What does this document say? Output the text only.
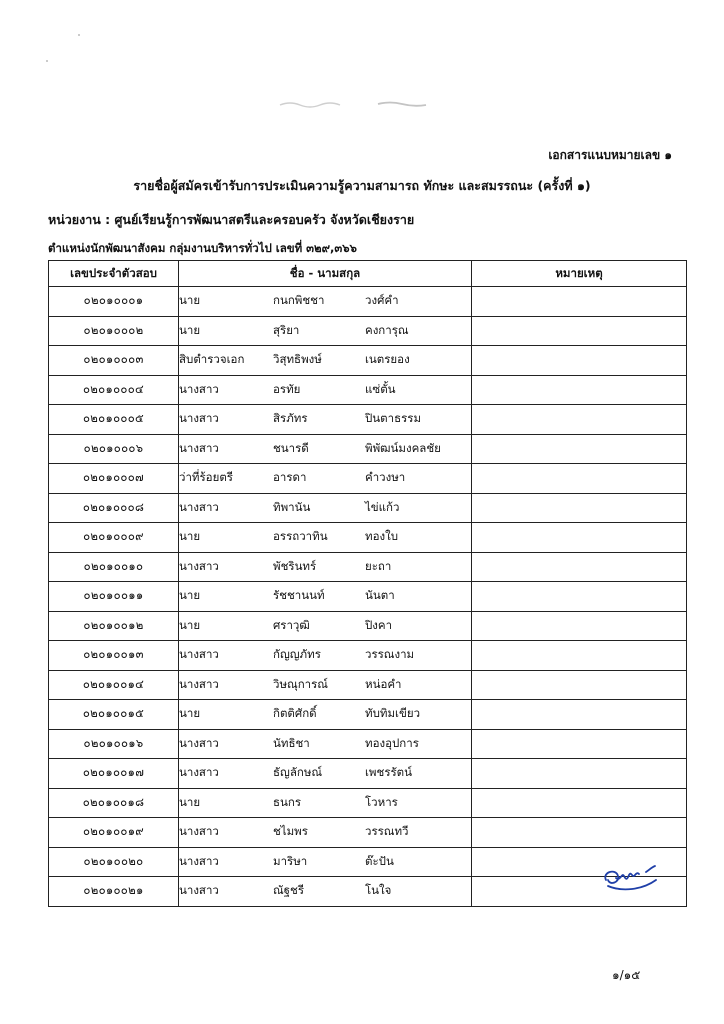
เอกสารแนบหมายเลข ๑
รายชื่อผู้สมัครเข้ารับการประเมินความรู้ความสามารถ ทักษะ และสมรรถนะ (ครั้งที่ ๑)
หน่วยงาน : ศูนย์เรียนรู้การพัฒนาสตรีและครอบครัว จังหวัดเชียงราย
ตำแหน่งนักพัฒนาสังคม กลุ่มงานบริหารทั่วไป เลขที่ ๓๒๙,๓๖๖
เลขประจำตัวสอบ	ชื่อ - นามสกุล	หมายเหตุ
๐๒๐๑๐๐๐๑	นาย กนกพิชชา วงศ์คำ	
๐๒๐๑๐๐๐๒	นาย สุริยา คงการุณ	
๐๒๐๑๐๐๐๓	สิบตำรวจเอก วิสุทธิพงษ์ เนตรยอง	
๐๒๐๑๐๐๐๔	นางสาว อรทัย แซ่ตั้น	
๐๒๐๑๐๐๐๕	นางสาว สิรภัทร ปินตาธรรม	
๐๒๐๑๐๐๐๖	นางสาว ชนารดี พิพัฒน์มงคลชัย	
๐๒๐๑๐๐๐๗	ว่าที่ร้อยตรี อารดา คำวงษา	
๐๒๐๑๐๐๐๘	นางสาว ทิพานัน ไข่แก้ว	
๐๒๐๑๐๐๐๙	นาย อรรถวาทิน ทองใบ	
๐๒๐๑๐๐๑๐	นางสาว พัชรินทร์ ยะถา	
๐๒๐๑๐๐๑๑	นาย รัชชานนท์ นันตา	
๐๒๐๑๐๐๑๒	นาย ศราวุฒิ ปิงคา	
๐๒๐๑๐๐๑๓	นางสาว กัญญภัทร วรรณงาม	
๐๒๐๑๐๐๑๔	นางสาว วิษณุการณ์ หน่อคำ	
๐๒๐๑๐๐๑๕	นาย กิตติศักดิ์ ทับทิมเขียว	
๐๒๐๑๐๐๑๖	นางสาว นัทธิชา ทองอุปการ	
๐๒๐๑๐๐๑๗	นางสาว ธัญลักษณ์ เพชรรัตน์	
๐๒๐๑๐๐๑๘	นาย ธนกร โวหาร	
๐๒๐๑๐๐๑๙	นางสาว ชไมพร วรรณทวี	
๐๒๐๑๐๐๒๐	นางสาว มาริษา ต๊ะปัน	
๐๒๐๑๐๐๒๑	นางสาว ณัฐชรี โนใจ	
๑/๑๕
